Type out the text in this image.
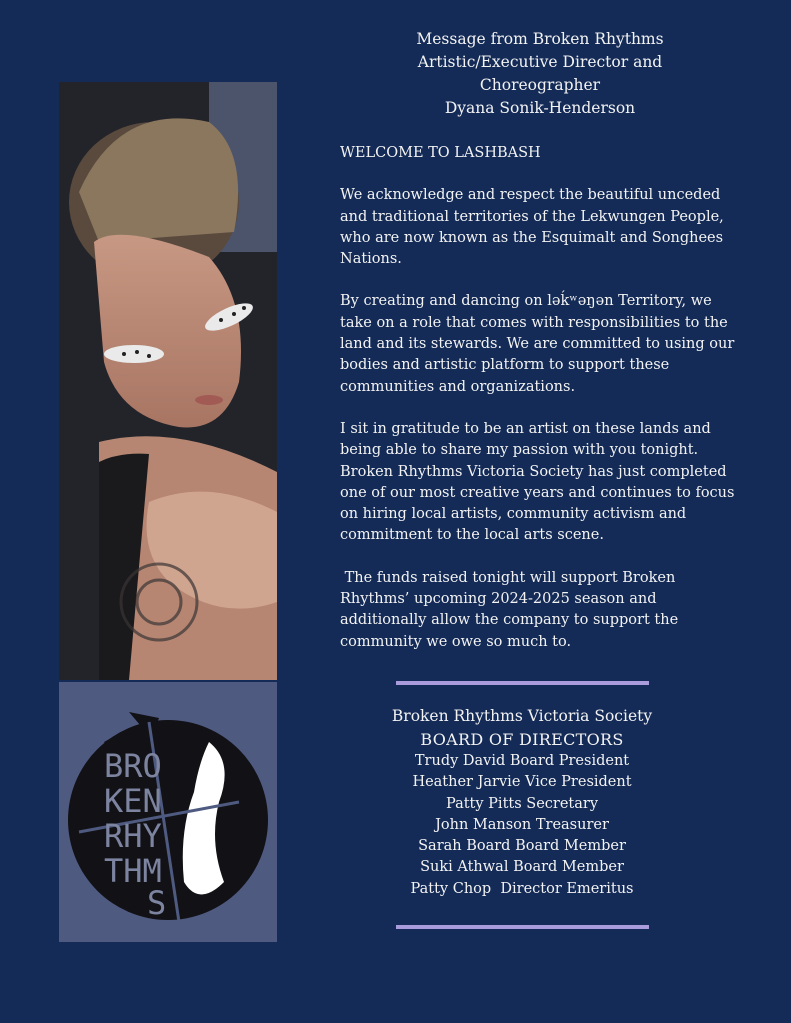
BRO
KEN
RHY
THM
S
Message from Broken Rhythms
Artistic/Executive Director and
Choreographer
Dyana Sonik-Henderson

WELCOME TO LASHBASH

We acknowledge and respect the beautiful unceded and traditional territories of the Lekwungen People, who are now known as the Esquimalt and Songhees Nations.

By creating and dancing on ləḱʷəŋən Territory, we take on a role that comes with responsibilities to the land and its stewards. We are committed to using our bodies and artistic platform to support these communities and organizations.

I sit in gratitude to be an artist on these lands and being able to share my passion with you tonight. Broken Rhythms Victoria Society has just completed one of our most creative years and continues to focus on hiring local artists, community activism and commitment to the local arts scene.

The funds raised tonight will support Broken Rhythms’ upcoming 2024-2025 season and additionally allow the company to support the community we owe so much to.

Broken Rhythms Victoria Society
BOARD OF DIRECTORS
Trudy David Board President
Heather Jarvie Vice President
Patty Pitts Secretary
John Manson Treasurer
Sarah Board Board Member
Suki Athwal Board Member
Patty Chop  Director Emeritus
